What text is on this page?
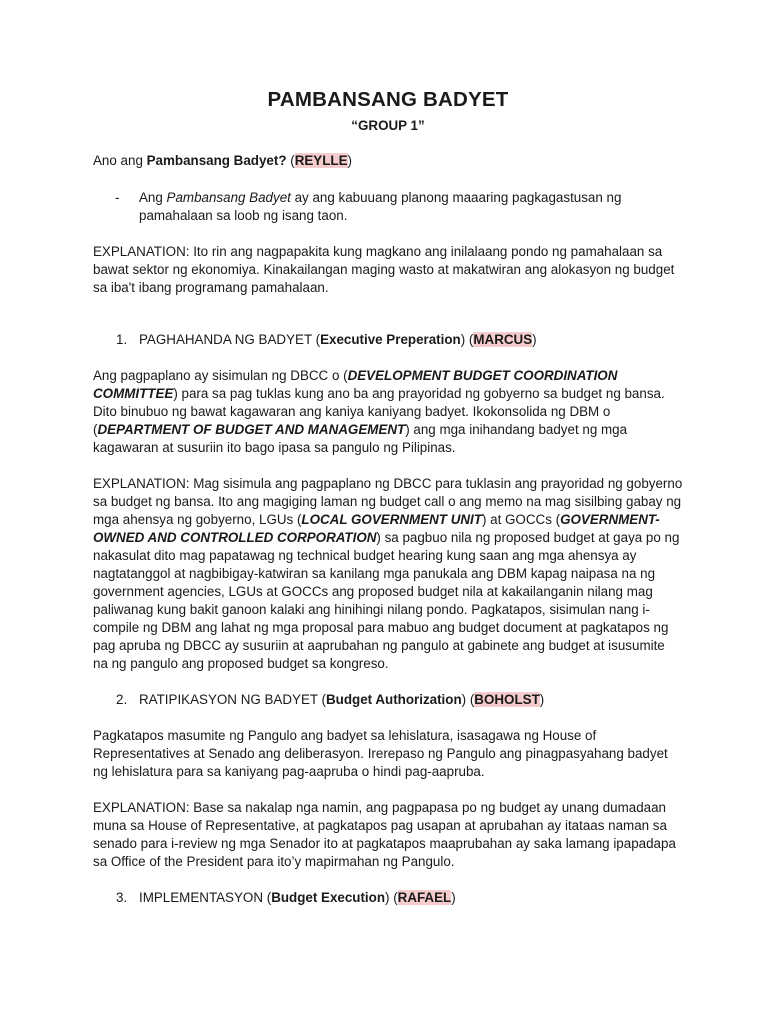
PAMBANSANG BADYET
“GROUP 1”

Ano ang Pambansang Badyet? (REYLLE)

- Ang Pambansang Badyet ay ang kabuuang planong maaaring pagkagastusan ng pamahalaan sa loob ng isang taon.

EXPLANATION: Ito rin ang nagpapakita kung magkano ang inilalaang pondo ng pamahalaan sa bawat sektor ng ekonomiya. Kinakailangan maging wasto at makatwiran ang alokasyon ng budget sa iba't ibang programang pamahalaan.

1. PAGHAHANDA NG BADYET (Executive Preperation) (MARCUS)

Ang pagpaplano ay sisimulan ng DBCC o (DEVELOPMENT BUDGET COORDINATION COMMITTEE) para sa pag tuklas kung ano ba ang prayoridad ng gobyerno sa budget ng bansa. Dito binubuo ng bawat kagawaran ang kaniya kaniyang badyet. Ikokonsolida ng DBM o (DEPARTMENT OF BUDGET AND MANAGEMENT) ang mga inihandang badyet ng mga kagawaran at susuriin ito bago ipasa sa pangulo ng Pilipinas.

EXPLANATION: Mag sisimula ang pagpaplano ng DBCC para tuklasin ang prayoridad ng gobyerno sa budget ng bansa. Ito ang magiging laman ng budget call o ang memo na mag sisilbing gabay ng mga ahensya ng gobyerno, LGUs (LOCAL GOVERNMENT UNIT) at GOCCs (GOVERNMENT-OWNED AND CONTROLLED CORPORATION) sa pagbuo nila ng proposed budget at gaya po ng nakasulat dito mag papatawag ng technical budget hearing kung saan ang mga ahensya ay nagtatanggol at nagbibigay-katwiran sa kanilang mga panukala ang DBM kapag naipasa na ng government agencies, LGUs at GOCCs ang proposed budget nila at kakailanganin nilang mag paliwanag kung bakit ganoon kalaki ang hinihingi nilang pondo. Pagkatapos, sisimulan nang i-compile ng DBM ang lahat ng mga proposal para mabuo ang budget document at pagkatapos ng pag apruba ng DBCC ay susuriin at aaprubahan ng pangulo at gabinete ang budget at isusumite na ng pangulo ang proposed budget sa kongreso.

2. RATIPIKASYON NG BADYET (Budget Authorization) (BOHOLST)

Pagkatapos masumite ng Pangulo ang badyet sa lehislatura, isasagawa ng House of Representatives at Senado ang deliberasyon. Irerepaso ng Pangulo ang pinagpasyahang badyet ng lehislatura para sa kaniyang pag-aapruba o hindi pag-aapruba.

EXPLANATION: Base sa nakalap nga namin, ang pagpapasa po ng budget ay unang dumadaan muna sa House of Representative, at pagkatapos pag usapan at aprubahan ay itataas naman sa senado para i-review ng mga Senador ito at pagkatapos maaprubahan ay saka lamang ipapadapa sa Office of the President para ito’y mapirmahan ng Pangulo.

3. IMPLEMENTASYON (Budget Execution) (RAFAEL)
